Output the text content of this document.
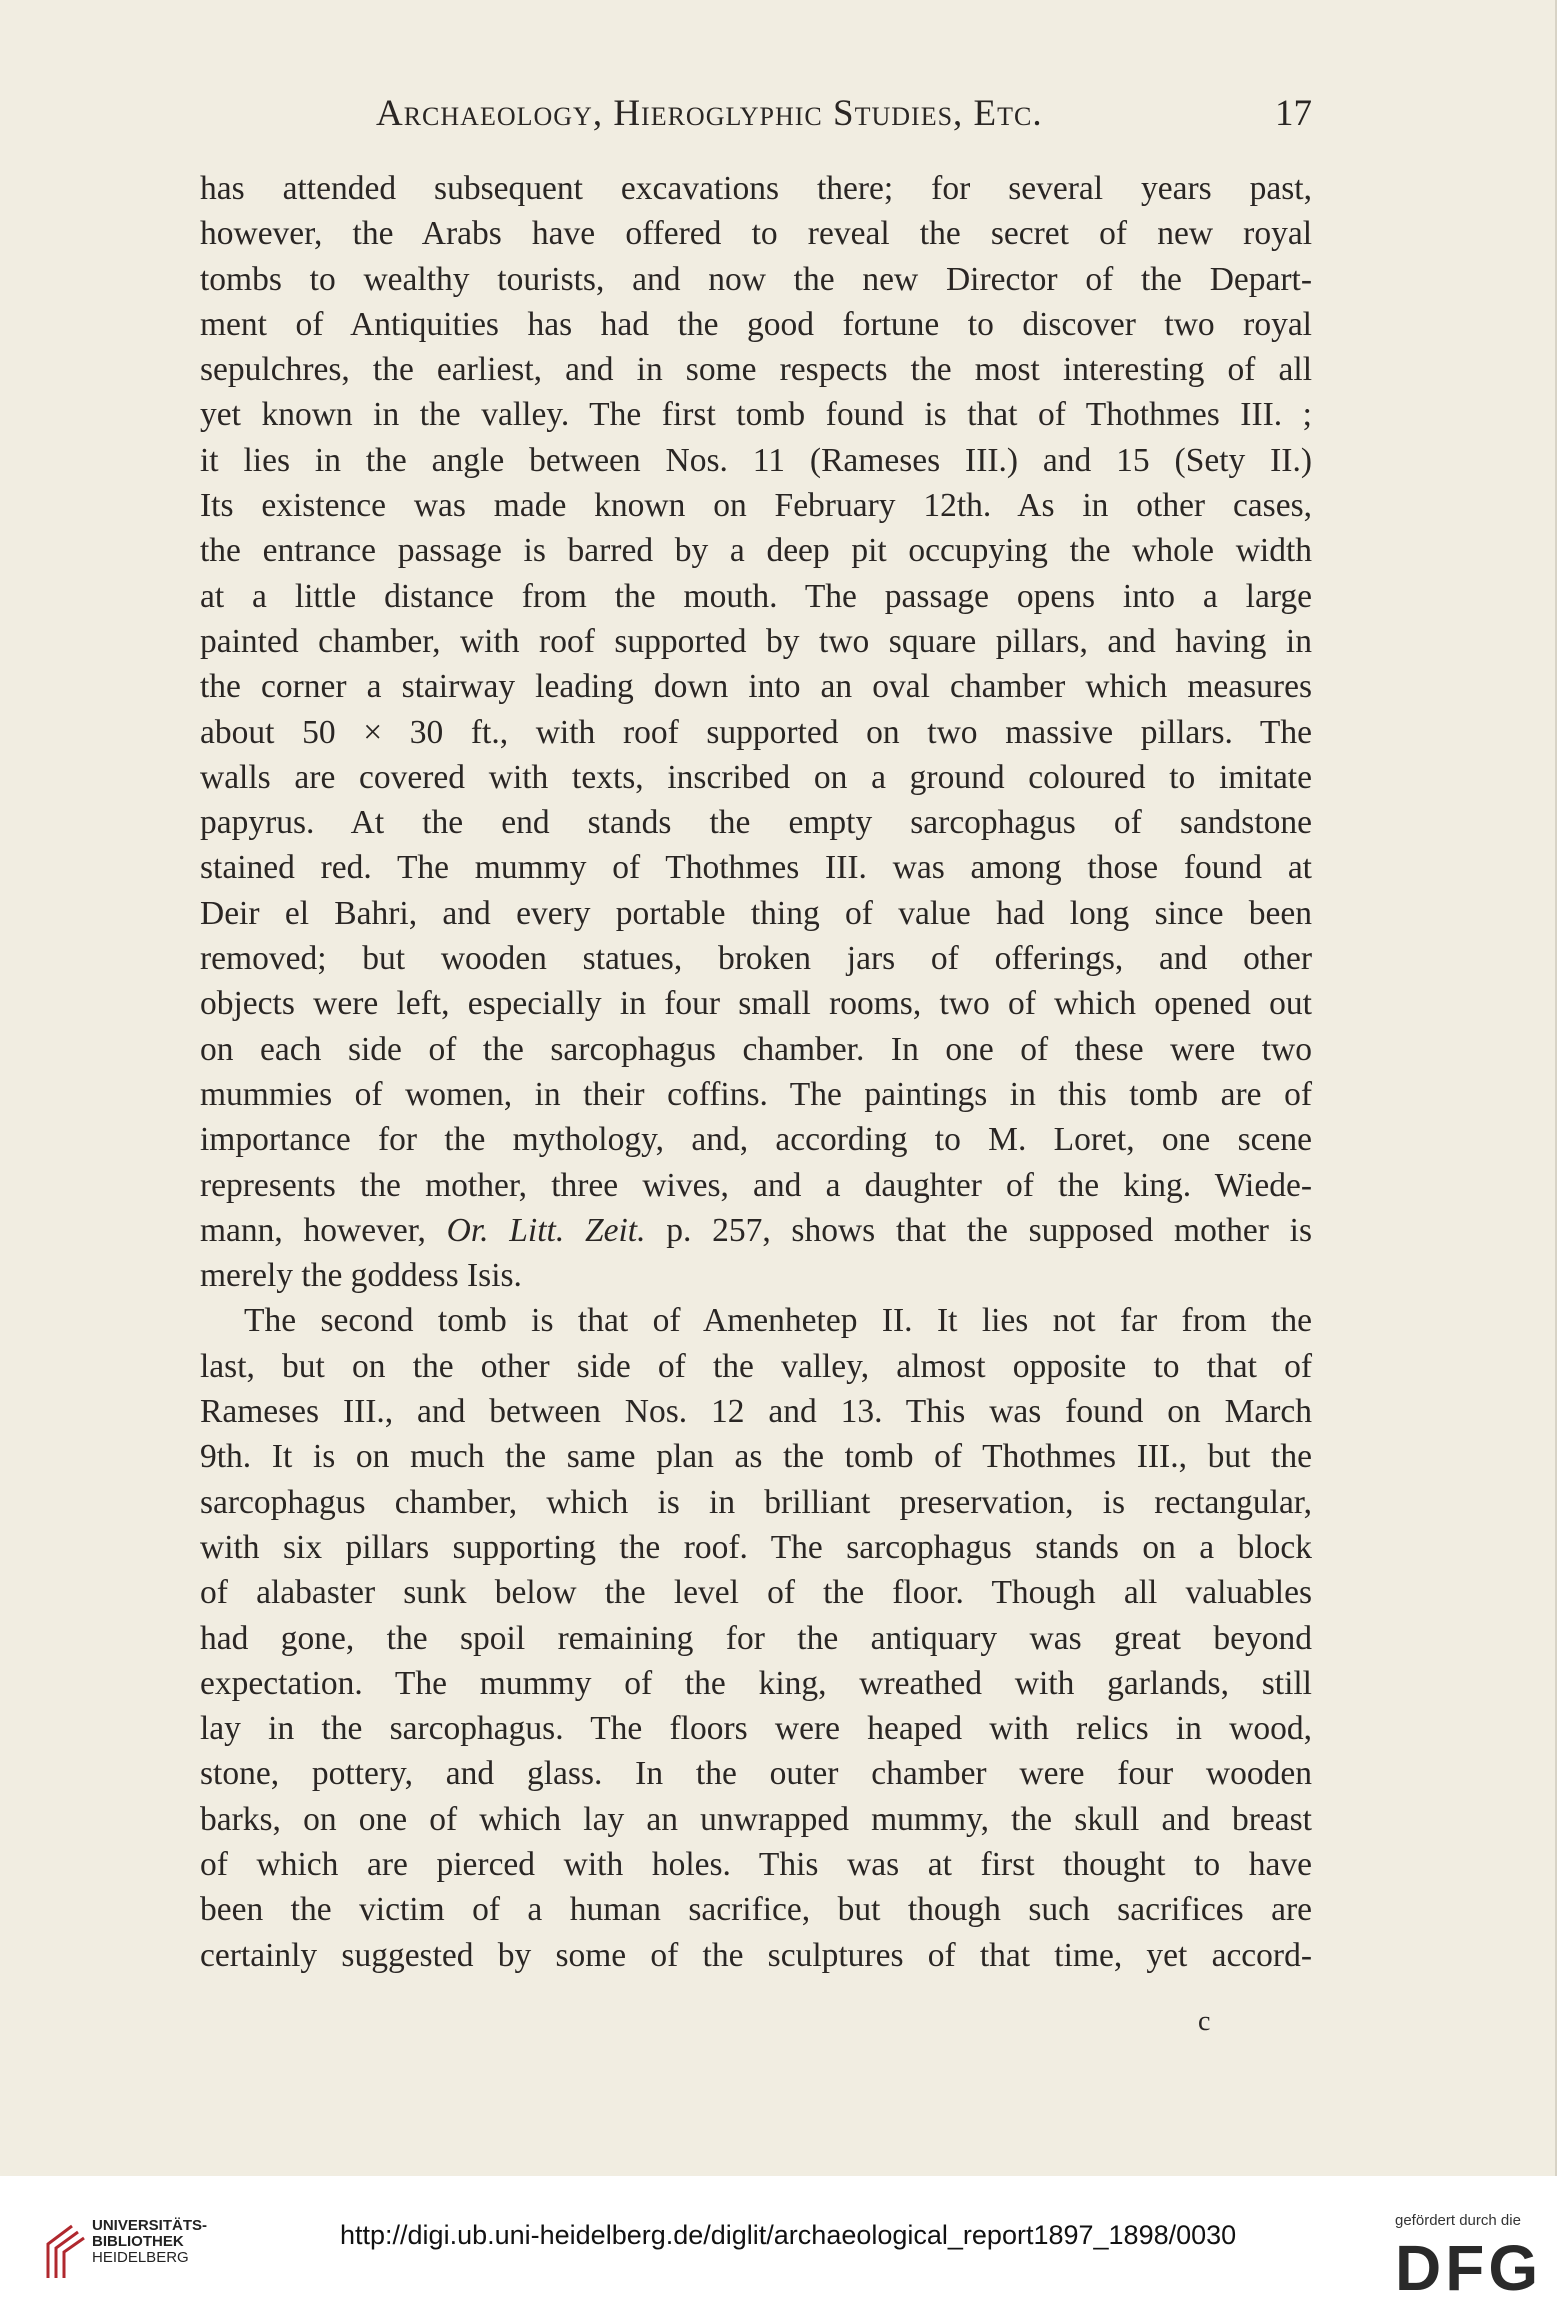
Archaeology, Hieroglyphic Studies, Etc.	17
has attended subsequent excavations there; for several years past,
however, the Arabs have offered to reveal the secret of new royal
tombs to wealthy tourists, and now the new Director of the Depart-
ment of Antiquities has had the good fortune to discover two royal
sepulchres, the earliest, and in some respects the most interesting of all
yet known in the valley. The first tomb found is that of Thothmes III. ;
it lies in the angle between Nos. 11 (Rameses III.) and 15 (Sety II.)
Its existence was made known on February 12th. As in other cases,
the entrance passage is barred by a deep pit occupying the whole width
at a little distance from the mouth. The passage opens into a large
painted chamber, with roof supported by two square pillars, and having in
the corner a stairway leading down into an oval chamber which measures
about 50 × 30 ft., with roof supported on two massive pillars. The
walls are covered with texts, inscribed on a ground coloured to imitate
papyrus. At the end stands the empty sarcophagus of sandstone
stained red. The mummy of Thothmes III. was among those found at
Deir el Bahri, and every portable thing of value had long since been
removed; but wooden statues, broken jars of offerings, and other
objects were left, especially in four small rooms, two of which opened out
on each side of the sarcophagus chamber. In one of these were two
mummies of women, in their coffins. The paintings in this tomb are of
importance for the mythology, and, according to M. Loret, one scene
represents the mother, three wives, and a daughter of the king. Wiede-
mann, however, Or. Litt. Zeit. p. 257, shows that the supposed mother is
merely the goddess Isis.
The second tomb is that of Amenhetep II. It lies not far from the
last, but on the other side of the valley, almost opposite to that of
Rameses III., and between Nos. 12 and 13. This was found on March
9th. It is on much the same plan as the tomb of Thothmes III., but the
sarcophagus chamber, which is in brilliant preservation, is rectangular,
with six pillars supporting the roof. The sarcophagus stands on a block
of alabaster sunk below the level of the floor. Though all valuables
had gone, the spoil remaining for the antiquary was great beyond
expectation. The mummy of the king, wreathed with garlands, still
lay in the sarcophagus. The floors were heaped with relics in wood,
stone, pottery, and glass. In the outer chamber were four wooden
barks, on one of which lay an unwrapped mummy, the skull and breast
of which are pierced with holes. This was at first thought to have
been the victim of a human sacrifice, but though such sacrifices are
certainly suggested by some of the sculptures of that time, yet accord-
c
UNIVERSITÄTS-
BIBLIOTHEK
HEIDELBERG
http://digi.ub.uni-heidelberg.de/diglit/archaeological_report1897_1898/0030	gefördert durch die
DFG
